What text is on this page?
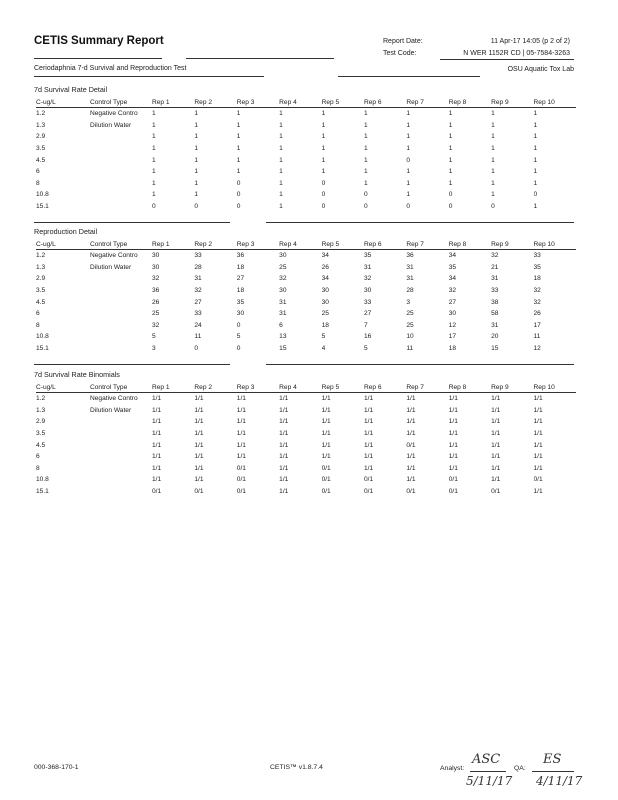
CETIS Summary Report	Report Date:	11 Apr-17 14:05 (p 2 of 2)
Test Code:	N WER 1152R CD | 05-7584-3263
Ceriodaphnia 7-d Survival and Reproduction Test	OSU Aquatic Tox Lab
7d Survival Rate Detail
C-ug/L	Control Type	Rep 1	Rep 2	Rep 3	Rep 4	Rep 5	Rep 6	Rep 7	Rep 8	Rep 9	Rep 10
1.2	Negative Contro	1	1	1	1	1	1	1	1	1	1
1.3	Dilution Water	1	1	1	1	1	1	1	1	1	1
2.9		1	1	1	1	1	1	1	1	1	1
3.5		1	1	1	1	1	1	1	1	1	1
4.5		1	1	1	1	1	1	0	1	1	1
6		1	1	1	1	1	1	1	1	1	1
8		1	1	0	1	0	1	1	1	1	1
10.8		1	1	0	1	0	0	1	0	1	0
15.1		0	0	0	1	0	0	0	0	0	1
Reproduction Detail
C-ug/L	Control Type	Rep 1	Rep 2	Rep 3	Rep 4	Rep 5	Rep 6	Rep 7	Rep 8	Rep 9	Rep 10
1.2	Negative Contro	30	33	36	30	34	35	36	34	32	33
1.3	Dilution Water	30	28	18	25	26	31	31	35	21	35
2.9		32	31	27	32	34	32	31	34	31	18
3.5		36	32	18	30	30	30	28	32	33	32
4.5		26	27	35	31	30	33	3	27	38	32
6		25	33	30	31	25	27	25	30	58	26
8		32	24	0	6	18	7	25	12	31	17
10.8		5	11	5	13	5	16	10	17	20	11
15.1		3	0	0	15	4	5	11	18	15	12
7d Survival Rate Binomials
C-ug/L	Control Type	Rep 1	Rep 2	Rep 3	Rep 4	Rep 5	Rep 6	Rep 7	Rep 8	Rep 9	Rep 10
1.2	Negative Contro	1/1	1/1	1/1	1/1	1/1	1/1	1/1	1/1	1/1	1/1
1.3	Dilution Water	1/1	1/1	1/1	1/1	1/1	1/1	1/1	1/1	1/1	1/1
2.9		1/1	1/1	1/1	1/1	1/1	1/1	1/1	1/1	1/1	1/1
3.5		1/1	1/1	1/1	1/1	1/1	1/1	1/1	1/1	1/1	1/1
4.5		1/1	1/1	1/1	1/1	1/1	1/1	0/1	1/1	1/1	1/1
6		1/1	1/1	1/1	1/1	1/1	1/1	1/1	1/1	1/1	1/1
8		1/1	1/1	0/1	1/1	0/1	1/1	1/1	1/1	1/1	1/1
10.8		1/1	1/1	0/1	1/1	0/1	0/1	1/1	0/1	1/1	0/1
15.1		0/1	0/1	0/1	1/1	0/1	0/1	0/1	0/1	0/1	1/1
000-368-170-1	CETIS™ v1.8.7.4	Analyst:
ASC
5/11/17
QA:
ES
4/11/17
